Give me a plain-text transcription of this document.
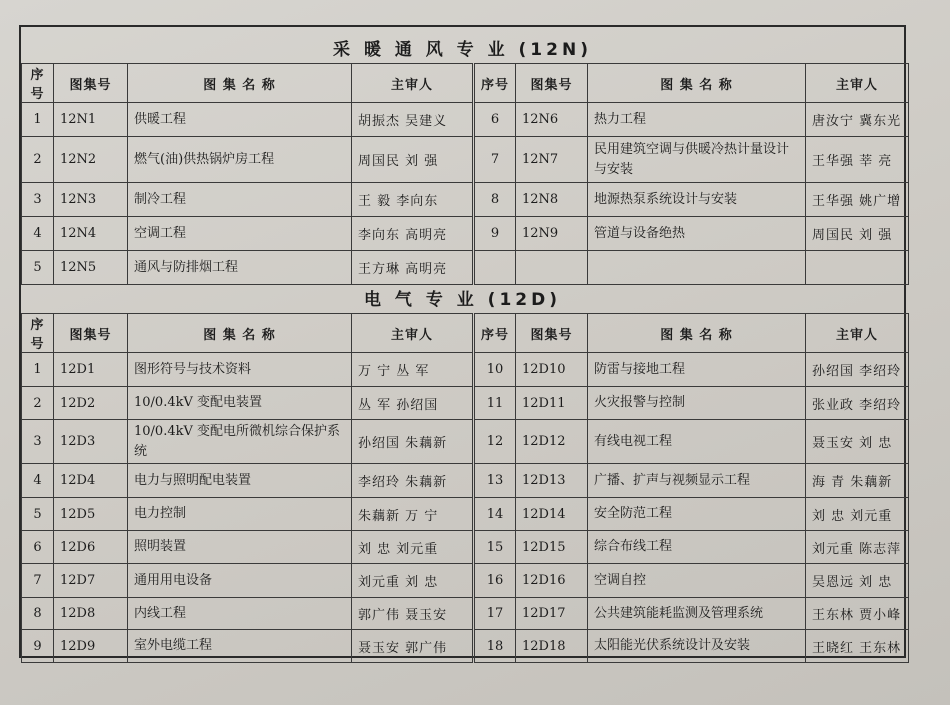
采 暖 通 风 专 业 (12N)
序号	图集号	图 集 名 称	主审人	序号	图集号	图 集 名 称	主审人
1	12N1	供暖工程	胡振杰 吴建义	6	12N6	热力工程	唐汝宁 冀东光
2	12N2	燃气(油)供热锅炉房工程	周国民 刘 强	7	12N7	民用建筑空调与供暖冷热计量设计与安装	王华强 莘 亮
3	12N3	制冷工程	王 毅 李向东	8	12N8	地源热泵系统设计与安装	王华强 姚广增
4	12N4	空调工程	李向东 高明亮	9	12N9	管道与设备绝热	周国民 刘 强
5	12N5	通风与防排烟工程	王方琳 高明亮				
电 气 专 业 (12D)
序号	图集号	图 集 名 称	主审人	序号	图集号	图 集 名 称	主审人
1	12D1	图形符号与技术资料	万 宁 丛 军	10	12D10	防雷与接地工程	孙绍国 李绍玲
2	12D2	10/0.4kV 变配电装置	丛 军 孙绍国	11	12D11	火灾报警与控制	张业政 李绍玲
3	12D3	10/0.4kV 变配电所微机综合保护系统	孙绍国 朱藕新	12	12D12	有线电视工程	聂玉安 刘 忠
4	12D4	电力与照明配电装置	李绍玲 朱藕新	13	12D13	广播、扩声与视频显示工程	海 青 朱藕新
5	12D5	电力控制	朱藕新 万 宁	14	12D14	安全防范工程	刘 忠 刘元重
6	12D6	照明装置	刘 忠 刘元重	15	12D15	综合布线工程	刘元重 陈志萍
7	12D7	通用用电设备	刘元重 刘 忠	16	12D16	空调自控	吴恩远 刘 忠
8	12D8	内线工程	郭广伟 聂玉安	17	12D17	公共建筑能耗监测及管理系统	王东林 贾小峰
9	12D9	室外电缆工程	聂玉安 郭广伟	18	12D18	太阳能光伏系统设计及安装	王晓红 王东林
